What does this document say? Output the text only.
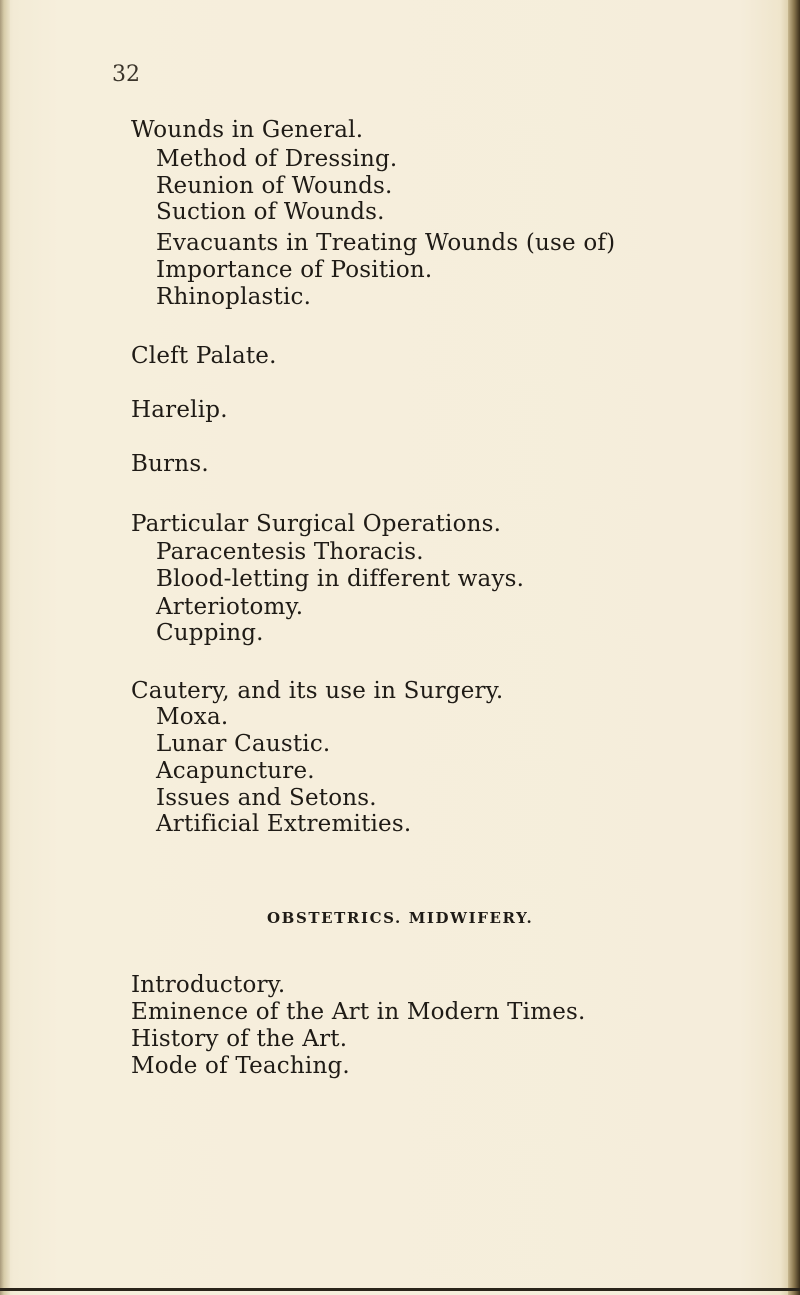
32
Wounds in General.
Method of Dressing.
Reunion of Wounds.
Suction of Wounds.
Evacuants in Treating Wounds (use of)
Importance of Position.
Rhinoplastic.
Cleft Palate.
Harelip.
Burns.
Particular Surgical Operations.
Paracentesis Thoracis.
Blood-letting in different ways.
Arteriotomy.
Cupping.
Cautery, and its use in Surgery.
Moxa.
Lunar Caustic.
Acapuncture.
Issues and Setons.
Artificial Extremities.
OBSTETRICS. MIDWIFERY.
Introductory.
Eminence of the Art in Modern Times.
History of the Art.
Mode of Teaching.
